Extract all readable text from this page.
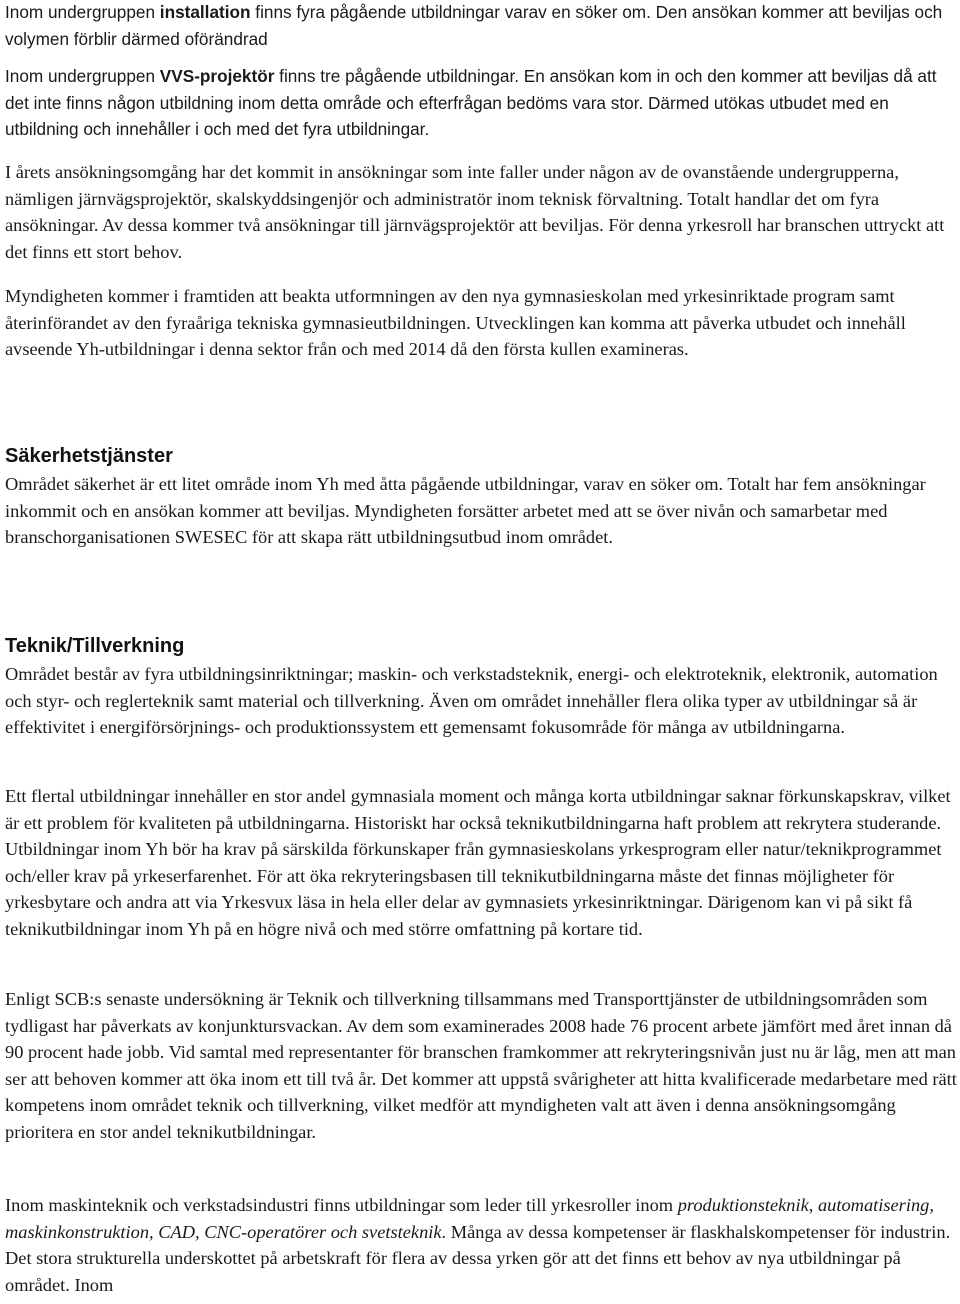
Inom undergruppen installation finns fyra pågående utbildningar varav en söker om. Den ansökan kommer att beviljas och volymen förblir därmed oförändrad

Inom undergruppen VVS-projektör finns tre pågående utbildningar. En ansökan kom in och den kommer att beviljas då att det inte finns någon utbildning inom detta område och efterfrågan bedöms vara stor. Därmed utökas utbudet med en utbildning och innehåller i och med det fyra utbildningar.

I årets ansökningsomgång har det kommit in ansökningar som inte faller under någon av de ovanstående undergrupperna, nämligen järnvägsprojektör, skalskyddsingenjör och administratör inom teknisk förvaltning. Totalt handlar det om fyra ansökningar. Av dessa kommer två ansökningar till järnvägsprojektör att beviljas. För denna yrkesroll har branschen uttryckt att det finns ett stort behov.

Myndigheten kommer i framtiden att beakta utformningen av den nya gymnasieskolan med yrkesinriktade program samt återinförandet av den fyraåriga tekniska gymnasieutbildningen. Utvecklingen kan komma att påverka utbudet och innehåll avseende Yh-utbildningar i denna sektor från och med 2014 då den första kullen examineras.

Säkerhetstjänster

Området säkerhet är ett litet område inom Yh med åtta pågående utbildningar, varav en söker om. Totalt har fem ansökningar inkommit och en ansökan kommer att beviljas. Myndigheten forsätter arbetet med att se över nivån och samarbetar med branschorganisationen SWESEC för att skapa rätt utbildningsutbud inom området.

Teknik/Tillverkning

Området består av fyra utbildningsinriktningar; maskin- och verkstadsteknik, energi- och elektroteknik, elektronik, automation och styr- och reglerteknik samt material och tillverkning. Även om området innehåller flera olika typer av utbildningar så är effektivitet i energiförsörjnings- och produktionssystem ett gemensamt fokusområde för många av utbildningarna.

Ett flertal utbildningar innehåller en stor andel gymnasiala moment och många korta utbildningar saknar förkunskapskrav, vilket är ett problem för kvaliteten på utbildningarna. Historiskt har också teknikutbildningarna haft problem att rekrytera studerande. Utbildningar inom Yh bör ha krav på särskilda förkunskaper från gymnasieskolans yrkesprogram eller natur/teknikprogrammet och/eller krav på yrkeserfarenhet. För att öka rekryteringsbasen till teknikutbildningarna måste det finnas möjligheter för yrkesbytare och andra att via Yrkesvux läsa in hela eller delar av gymnasiets yrkesinriktningar. Därigenom kan vi på sikt få teknikutbildningar inom Yh på en högre nivå och med större omfattning på kortare tid.

Enligt SCB:s senaste undersökning är Teknik och tillverkning tillsammans med Transporttjänster de utbildningsområden som tydligast har påverkats av konjunktursvackan. Av dem som examinerades 2008 hade 76 procent arbete jämfört med året innan då 90 procent hade jobb. Vid samtal med representanter för branschen framkommer att rekryteringsnivån just nu är låg, men att man ser att behoven kommer att öka inom ett till två år. Det kommer att uppstå svårigheter att hitta kvalificerade medarbetare med rätt kompetens inom området teknik och tillverkning, vilket medför att myndigheten valt att även i denna ansökningsomgång prioritera en stor andel teknikutbildningar.

Inom maskinteknik och verkstadsindustri finns utbildningar som leder till yrkesroller inom produktionsteknik, automatisering, maskinkonstruktion, CAD, CNC-operatörer och svetsteknik. Många av dessa kompetenser är flaskhalskompetenser för industrin. Det stora strukturella underskottet på arbetskraft för flera av dessa yrken gör att det finns ett behov av nya utbildningar på området. Inom
